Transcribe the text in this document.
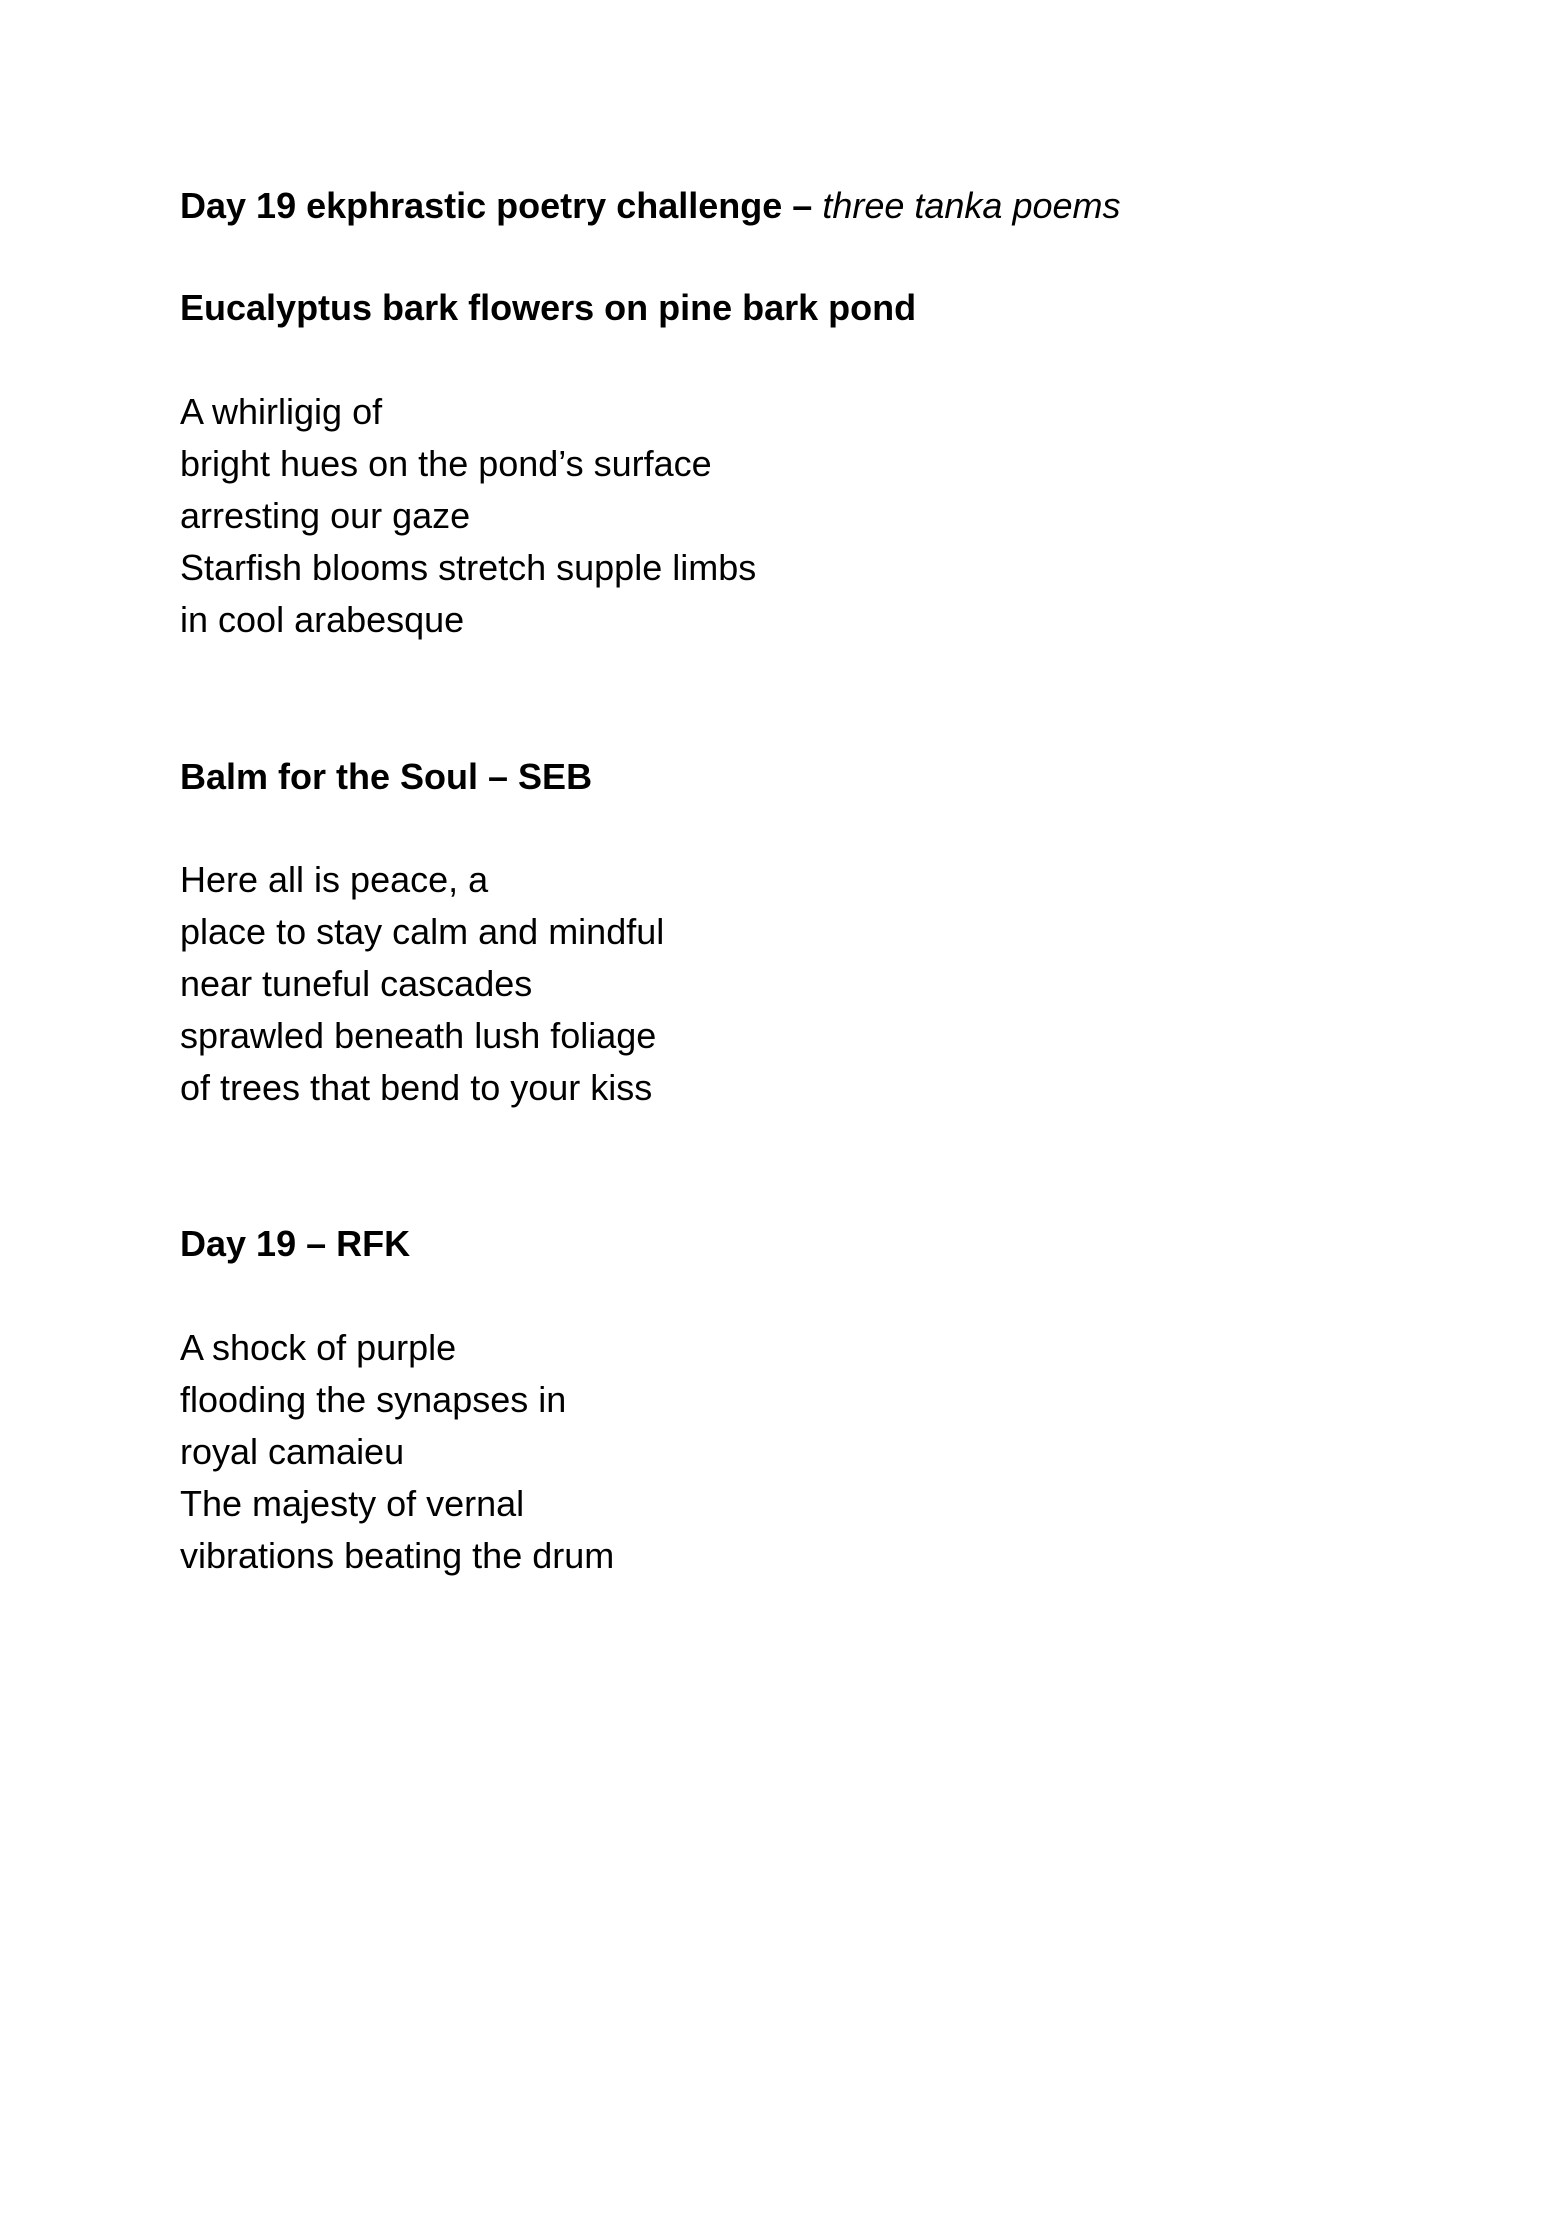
Day 19 ekphrastic poetry challenge – three tanka poems
Eucalyptus bark flowers on pine bark pond
A whirligig of
bright hues on the pond’s surface
arresting our gaze
Starfish blooms stretch supple limbs
in cool arabesque
Balm for the Soul – SEB
Here all is peace, a
place to stay calm and mindful
near tuneful cascades
sprawled beneath lush foliage
of trees that bend to your kiss
Day 19 – RFK
A shock of purple
flooding the synapses in
royal camaieu
The majesty of vernal
vibrations beating the drum
